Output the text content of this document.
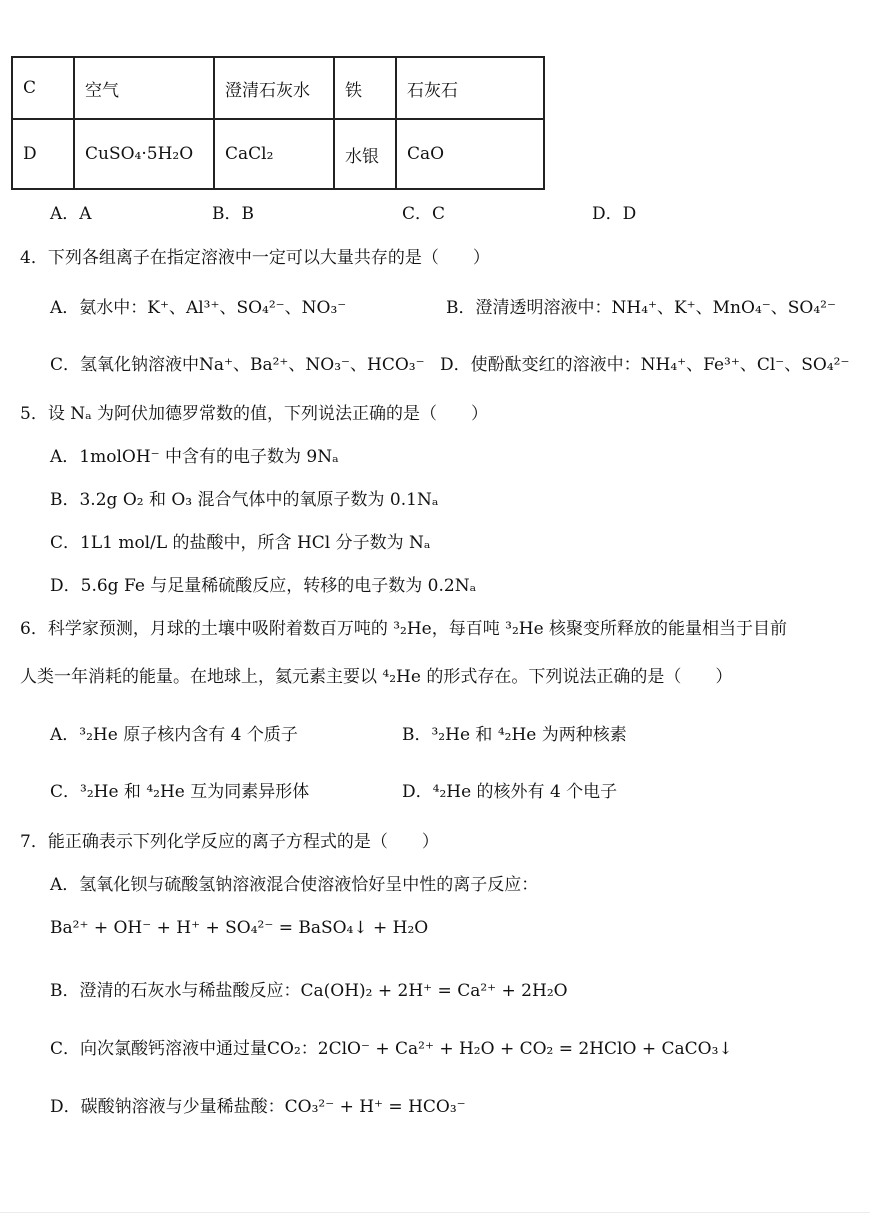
C	空气	澄清石灰水	铁	石灰石
D	CuSO₄·5H₂O	CaCl₂	水银	CaO
A．A	B．B	C．C	D．D
4．下列各组离子在指定溶液中一定可以大量共存的是（　　）
A．氨水中：K⁺、Al³⁺、SO₄²⁻、NO₃⁻	B．澄清透明溶液中：NH₄⁺、K⁺、MnO₄⁻、SO₄²⁻
C．氢氧化钠溶液中Na⁺、Ba²⁺、NO₃⁻、HCO₃⁻ D．使酚酞变红的溶液中：NH₄⁺、Fe³⁺、Cl⁻、SO₄²⁻
5．设 Nₐ 为阿伏加德罗常数的值，下列说法正确的是（　　）
A．1molOH⁻ 中含有的电子数为 9Nₐ
B．3.2g O₂ 和 O₃ 混合气体中的氧原子数为 0.1Nₐ
C．1L1 mol/L 的盐酸中，所含 HCl 分子数为 Nₐ
D．5.6g Fe 与足量稀硫酸反应，转移的电子数为 0.2Nₐ
6．科学家预测，月球的土壤中吸附着数百万吨的 ³₂He，每百吨 ³₂He 核聚变所释放的能量相当于目前
人类一年消耗的能量。在地球上，氦元素主要以 ⁴₂He 的形式存在。下列说法正确的是（　　）
A．³₂He 原子核内含有 4 个质子	B．³₂He 和 ⁴₂He 为两种核素
C．³₂He 和 ⁴₂He 互为同素异形体	D．⁴₂He 的核外有 4 个电子
7．能正确表示下列化学反应的离子方程式的是（　　）
A．氢氧化钡与硫酸氢钠溶液混合使溶液恰好呈中性的离子反应：
Ba²⁺ + OH⁻ + H⁺ + SO₄²⁻ = BaSO₄↓ + H₂O
B．澄清的石灰水与稀盐酸反应：Ca(OH)₂ + 2H⁺ = Ca²⁺ + 2H₂O
C．向次氯酸钙溶液中通过量CO₂：2ClO⁻ + Ca²⁺ + H₂O + CO₂ = 2HClO + CaCO₃↓
D．碳酸钠溶液与少量稀盐酸：CO₃²⁻ + H⁺ = HCO₃⁻
